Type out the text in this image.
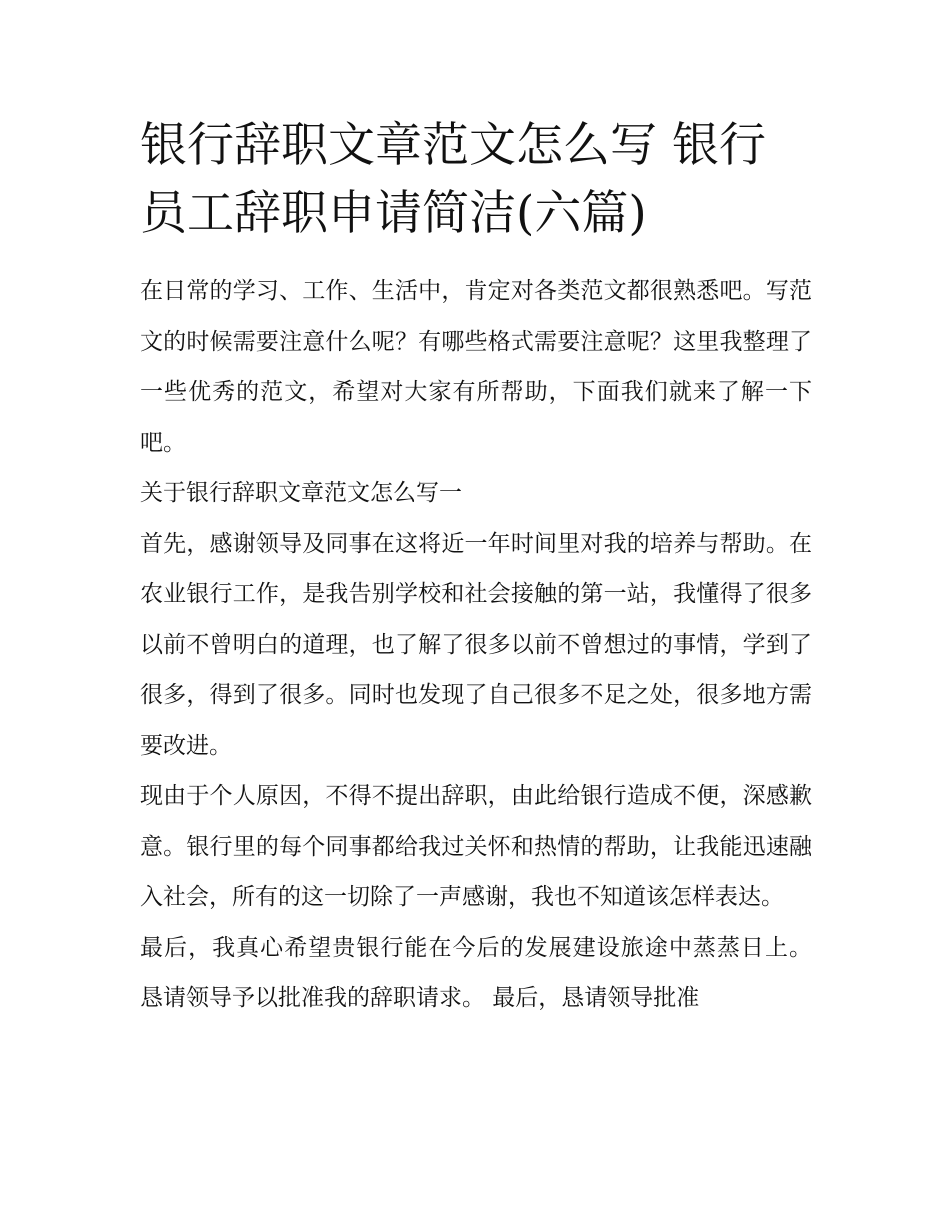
银行辞职文章范文怎么写 银行员工辞职申请简洁(六篇)

在日常的学习、工作、生活中，肯定对各类范文都很熟悉吧。写范文的时候需要注意什么呢？有哪些格式需要注意呢？这里我整理了一些优秀的范文，希望对大家有所帮助，下面我们就来了解一下吧。

关于银行辞职文章范文怎么写一

首先，感谢领导及同事在这将近一年时间里对我的培养与帮助。在农业银行工作，是我告别学校和社会接触的第一站，我懂得了很多以前不曾明白的道理，也了解了很多以前不曾想过的事情，学到了很多，得到了很多。同时也发现了自己很多不足之处，很多地方需要改进。

现由于个人原因，不得不提出辞职，由此给银行造成不便，深感歉意。银行里的每个同事都给我过关怀和热情的帮助，让我能迅速融入社会，所有的这一切除了一声感谢，我也不知道该怎样表达。

最后，我真心希望贵银行能在今后的发展建设旅途中蒸蒸日上。 恳请领导予以批准我的辞职请求。 最后，恳请领导批准
